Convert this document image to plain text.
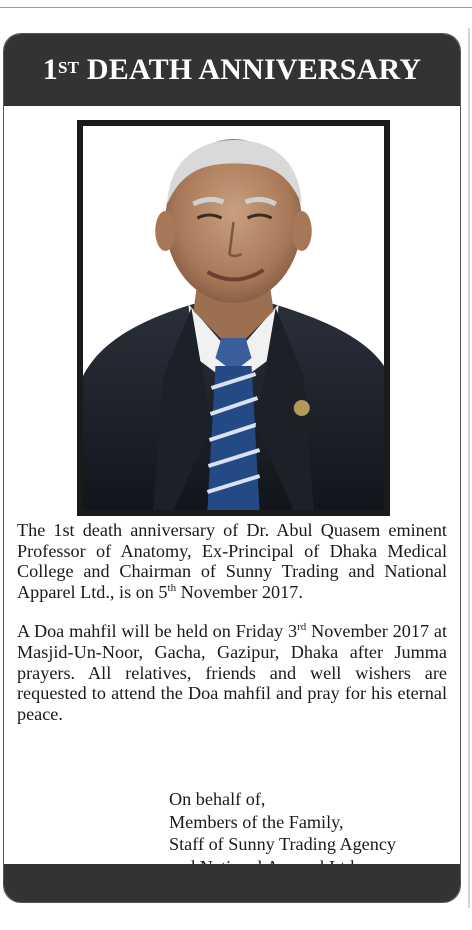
1ST
DEATH ANNIVERSARY

The 1st death anniversary of Dr. Abul Quasem eminent Professor of Anatomy, Ex-Principal of Dhaka Medical College and Chairman of Sunny Trading and National Apparel Ltd., is on 5th November 2017.

A Doa mahfil will be held on Friday 3rd November 2017 at Masjid-Un-Noor, Gacha, Gazipur, Dhaka after Jumma prayers. All relatives, friends and well wishers are requested to attend the Doa mahfil and pray for his eternal peace.

On behalf of,
Members of the Family,
Staff of Sunny Trading Agency
